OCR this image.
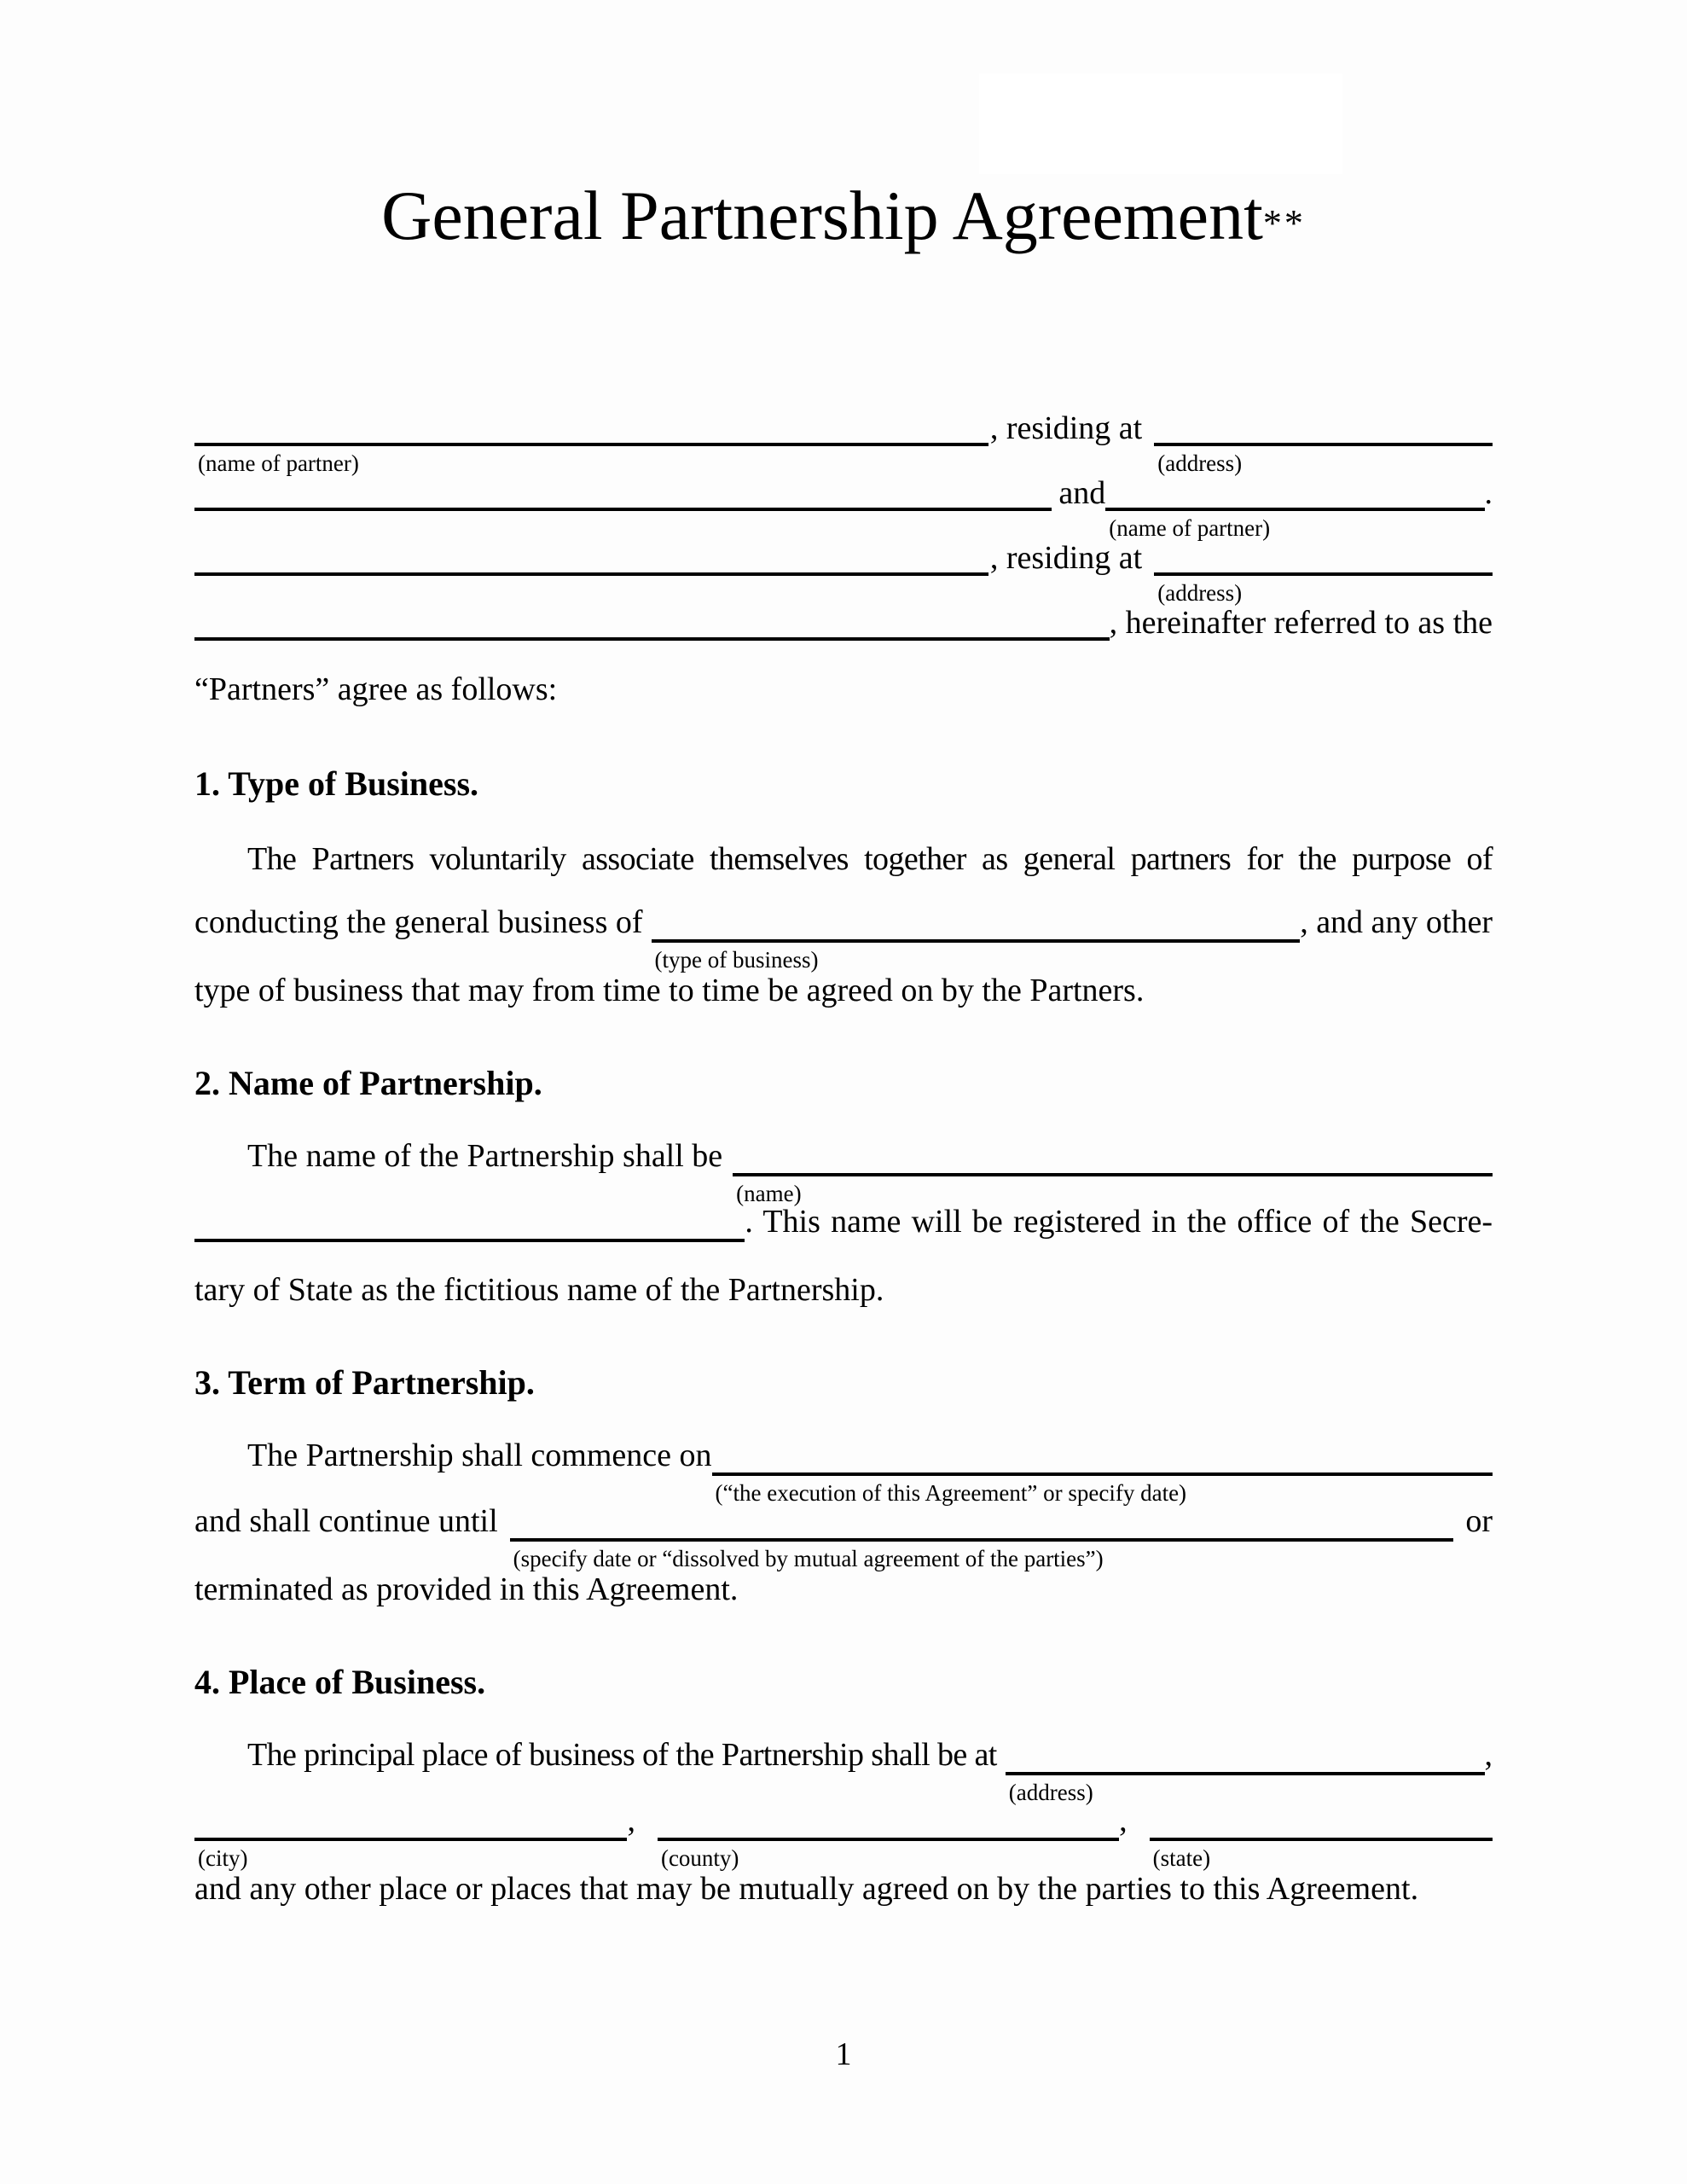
General Partnership Agreement**
(name of partner)
, residing at
(address)
and
(name of partner)
.
, residing at
(address)
, hereinafter referred to as the
“Partners” agree as follows:
1. Type of Business.
The Partners voluntarily associate themselves together as general partners for the purpose of
conducting the general business of
(type of business)
, and any other
type of business that may from time to time be agreed on by the Partners.
2. Name of Partnership.
The name of the Partnership shall be
(name)
. This name will be registered in the office of the Secre-
tary of State as the fictitious name of the Partnership.
3. Term of Partnership.
The Partnership shall commence on
(“the execution of this Agreement” or specify date)
and shall continue until
(specify date or “dissolved by mutual agreement of the parties”)
or
terminated as provided in this Agreement.
4. Place of Business.
The principal place of business of the Partnership shall be at
(address)
,
(city)
,
(county)
,
(state)
and any other place or places that may be mutually agreed on by the parties to this Agreement.
1
